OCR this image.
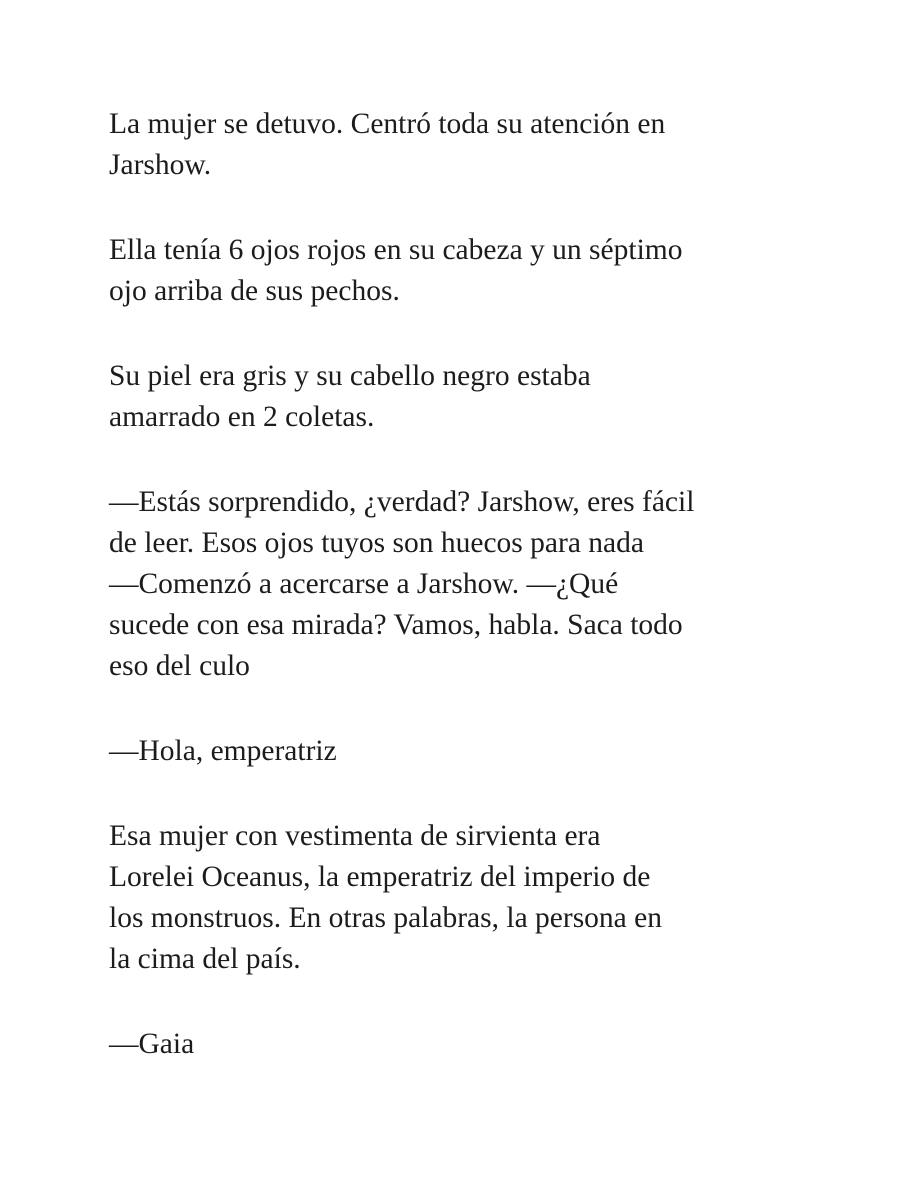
La mujer se detuvo. Centró toda su atención en
Jarshow.

Ella tenía 6 ojos rojos en su cabeza y un séptimo
ojo arriba de sus pechos.

Su piel era gris y su cabello negro estaba
amarrado en 2 coletas.

—Estás sorprendido, ¿verdad? Jarshow, eres fácil
de leer. Esos ojos tuyos son huecos para nada
—Comenzó a acercarse a Jarshow. —¿Qué
sucede con esa mirada? Vamos, habla. Saca todo
eso del culo

—Hola, emperatriz

Esa mujer con vestimenta de sirvienta era
Lorelei Oceanus, la emperatriz del imperio de
los monstruos. En otras palabras, la persona en
la cima del país.

—Gaia
